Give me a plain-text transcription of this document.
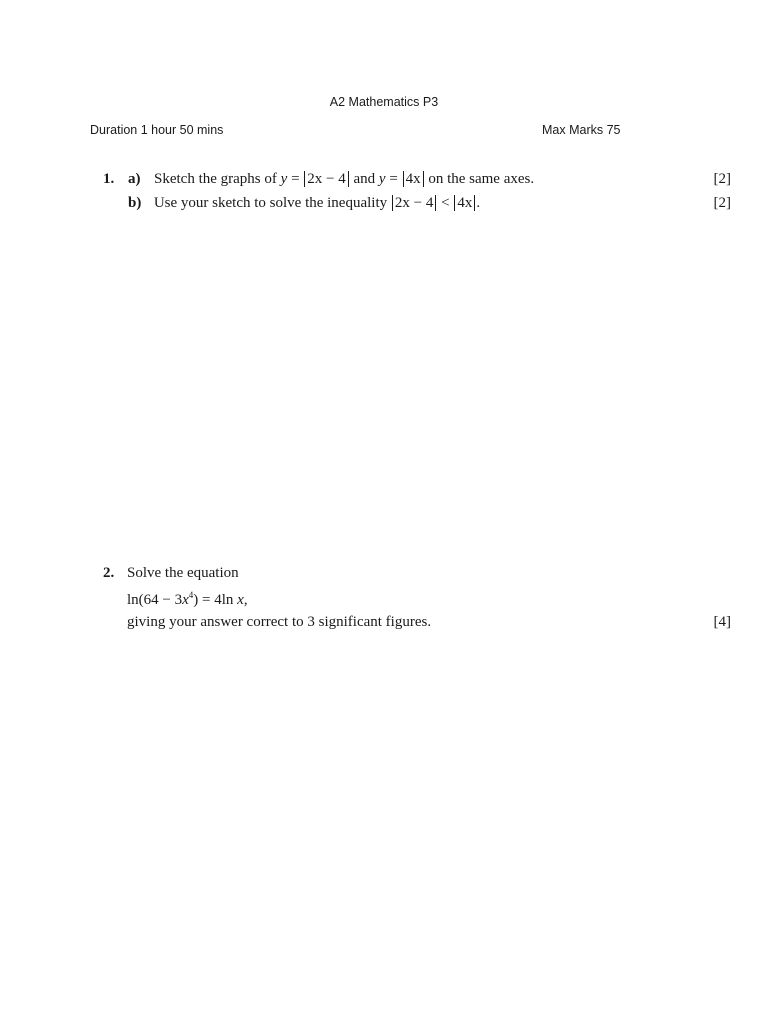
A2 Mathematics P3
Duration 1 hour 50 mins	Max Marks 75
1. a) Sketch the graphs of y = 2x − 4 and y = 4x on the same axes.	[2]
b) Use your sketch to solve the inequality 2x − 4 < 4x .	[2]
2. Solve the equation
$\ln(64 - 3x^4) = 4\ln$ x,
giving your answer correct to 3 significant figures.	[4]
